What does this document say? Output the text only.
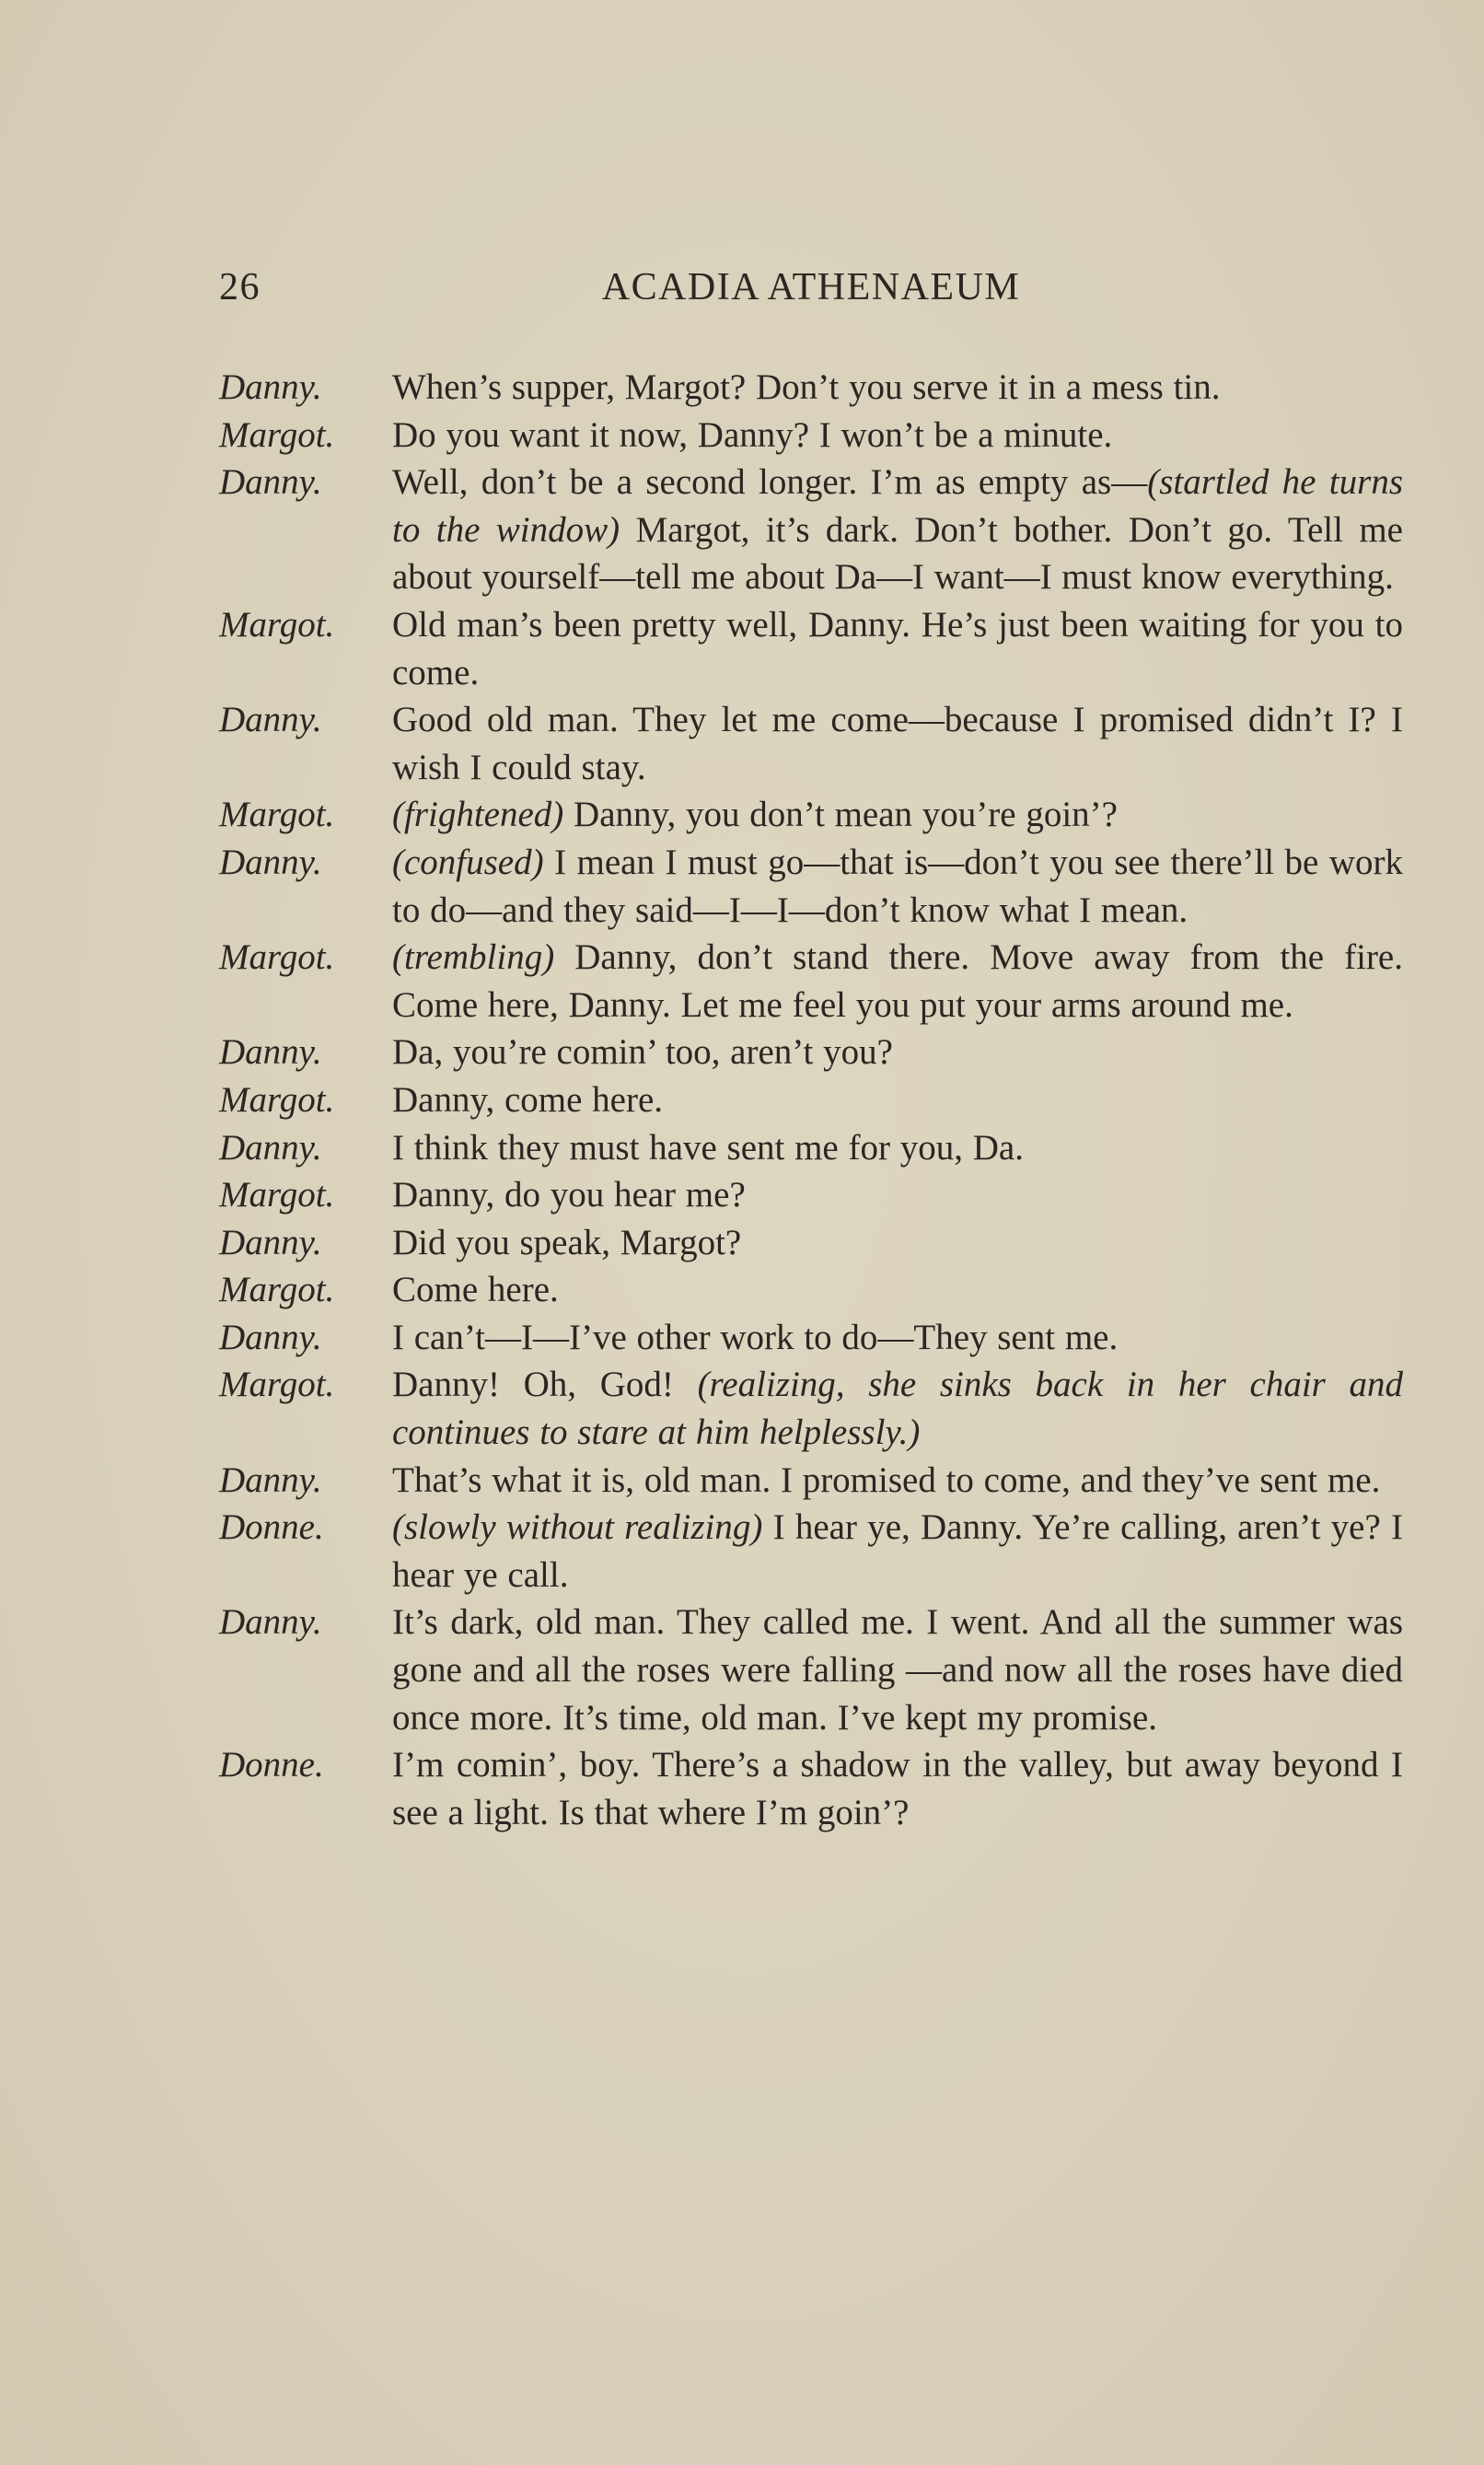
26	ACADIA ATHENAEUM
Danny.	When’s supper, Margot? Don’t you serve it in a mess tin.
Margot.	Do you want it now, Danny? I won’t be a minute.
Danny.	Well, don’t be a second longer. I’m as empty as—(startled he turns to the window) Margot, it’s dark. Don’t bother. Don’t go. Tell me about yourself—tell me about Da—I want—I must know everything.
Margot.	Old man’s been pretty well, Danny. He’s just been waiting for you to come.
Danny.	Good old man. They let me come—because I promised didn’t I? I wish I could stay.
Margot.	(frightened) Danny, you don’t mean you’re goin’?
Danny.	(confused) I mean I must go—that is—don’t you see there’ll be work to do—and they said—I—I—don’t know what I mean.
Margot.	(trembling) Danny, don’t stand there. Move away from the fire. Come here, Danny. Let me feel you put your arms around me.
Danny.	Da, you’re comin’ too, aren’t you?
Margot.	Danny, come here.
Danny.	I think they must have sent me for you, Da.
Margot.	Danny, do you hear me?
Danny.	Did you speak, Margot?
Margot.	Come here.
Danny.	I can’t—I—I’ve other work to do—They sent me.
Margot.	Danny! Oh, God! (realizing, she sinks back in her chair and continues to stare at him helplessly.)
Danny.	That’s what it is, old man. I promised to come, and they’ve sent me.
Donne.	(slowly without realizing) I hear ye, Danny. Ye’re calling, aren’t ye? I hear ye call.
Danny.	It’s dark, old man. They called me. I went. And all the summer was gone and all the roses were falling —and now all the roses have died once more. It’s time, old man. I’ve kept my promise.
Donne.	I’m comin’, boy. There’s a shadow in the valley, but away beyond I see a light. Is that where I’m goin’?
